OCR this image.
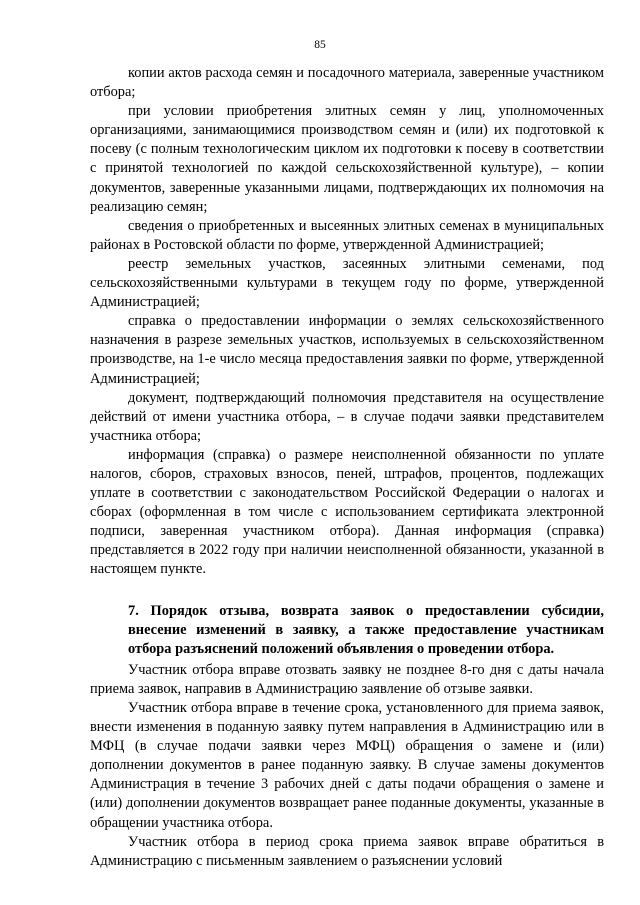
85

копии актов расхода семян и посадочного материала, заверенные участником отбора;

при условии приобретения элитных семян у лиц, уполномоченных организациями, занимающимися производством семян и (или) их подготовкой к посеву (с полным технологическим циклом их подготовки к посеву в соответствии с принятой технологией по каждой сельскохозяйственной культуре), – копии документов, заверенные указанными лицами, подтверждающих их полномочия на реализацию семян;

сведения о приобретенных и высеянных элитных семенах в муниципальных районах в Ростовской области по форме, утвержденной Администрацией;

реестр земельных участков, засеянных элитными семенами, под сельскохозяйственными культурами в текущем году по форме, утвержденной Администрацией;

справка о предоставлении информации о землях сельскохозяйственного назначения в разрезе земельных участков, используемых в сельскохозяйственном производстве, на 1-е число месяца предоставления заявки по форме, утвержденной Администрацией;

документ, подтверждающий полномочия представителя на осуществление действий от имени участника отбора, – в случае подачи заявки представителем участника отбора;

информация (справка) о размере неисполненной обязанности по уплате налогов, сборов, страховых взносов, пеней, штрафов, процентов, подлежащих уплате в соответствии с законодательством Российской Федерации о налогах и сборах (оформленная в том числе с использованием сертификата электронной подписи, заверенная участником отбора). Данная информация (справка) представляется в 2022 году при наличии неисполненной обязанности, указанной в настоящем пункте.

7. Порядок отзыва, возврата заявок о предоставлении субсидии, внесение изменений в заявку, а также предоставление участникам отбора разъяснений положений объявления о проведении отбора.

Участник отбора вправе отозвать заявку не позднее 8-го дня с даты начала приема заявок, направив в Администрацию заявление об отзыве заявки.

Участник отбора вправе в течение срока, установленного для приема заявок, внести изменения в поданную заявку путем направления в Администрацию или в МФЦ (в случае подачи заявки через МФЦ) обращения о замене и (или) дополнении документов в ранее поданную заявку. В случае замены документов Администрация в течение 3 рабочих дней с даты подачи обращения о замене и (или) дополнении документов возвращает ранее поданные документы, указанные в обращении участника отбора.

Участник отбора в период срока приема заявок вправе обратиться в Администрацию с письменным заявлением о разъяснении условий
